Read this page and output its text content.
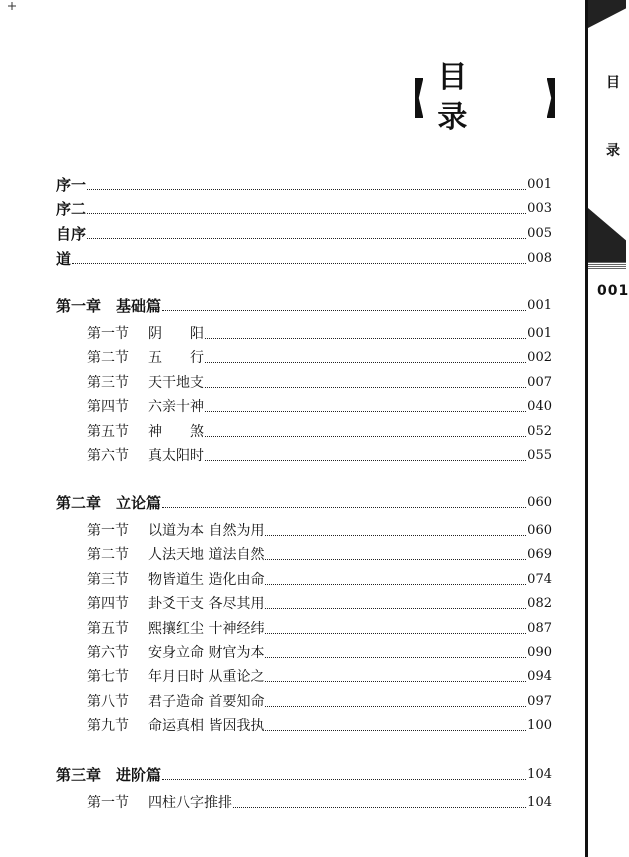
目　录
序一	001
序二	003
自序	005
道	008
第一章　基础篇	001
第一节 阴　　阳	001
第二节 五　　行	002
第三节 天干地支	007
第四节 六亲十神	040
第五节 神　　煞	052
第六节 真太阳时	055
第二章　立论篇	060
第一节 以道为本 自然为用	060
第二节 人法天地 道法自然	069
第三节 物皆道生 造化由命	074
第四节 卦爻干支 各尽其用	082
第五节 熙攘红尘 十神经纬	087
第六节 安身立命 财官为本	090
第七节 年月日时 从重论之	094
第八节 君子造命 首要知命	097
第九节 命运真相 皆因我执	100
第三章　进阶篇	104
第一节 四柱八字推排	104
目
录
001
